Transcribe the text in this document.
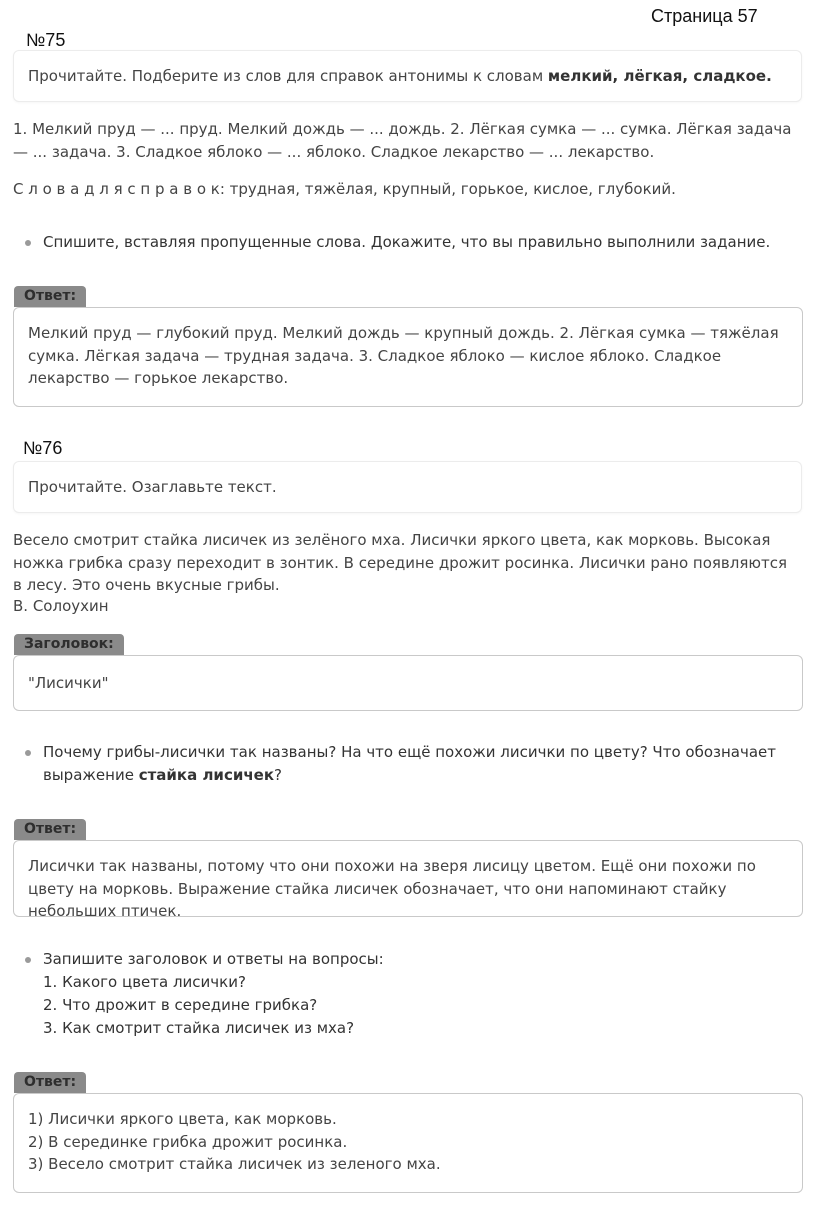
Страница 57
№75
Прочитайте. Подберите из слов для справок антонимы к словам мелкий, лёгкая, сладкое.
1. Мелкий пруд — ... пруд. Мелкий дождь — ... дождь. 2. Лёгкая сумка — ... сумка. Лёгкая задача — ... задача. 3. Сладкое яблоко — ... яблоко. Сладкое лекарство — ... лекарство.
С л о в а д л я с п р а в о к: трудная, тяжёлая, крупный, горькое, кислое, глубокий.
Спишите, вставляя пропущенные слова. Докажите, что вы правильно выполнили задание.
Ответ:
Мелкий пруд — глубокий пруд. Мелкий дождь — крупный дождь. 2. Лёгкая сумка — тяжёлая сумка. Лёгкая задача — трудная задача. 3. Сладкое яблоко — кислое яблоко. Сладкое лекарство — горькое лекарство.
№76
Прочитайте. Озаглавьте текст.
Весело смотрит стайка лисичек из зелёного мха. Лисички яркого цвета, как морковь. Высокая ножка грибка сразу переходит в зонтик. В середине дрожит росинка. Лисички рано появляются в лесу. Это очень вкусные грибы.
В. Солоухин
Заголовок:
"Лисички"
Почему грибы-лисички так названы? На что ещё похожи лисички по цвету? Что обозначает выражение стайка лисичек?
Ответ:
Лисички так названы, потому что они похожи на зверя лисицу цветом. Ещё они похожи по цвету на морковь. Выражение стайка лисичек обозначает, что они напоминают стайку небольших птичек.
Запишите заголовок и ответы на вопросы:
1. Какого цвета лисички?
2. Что дрожит в середине грибка?
3. Как смотрит стайка лисичек из мха?
Ответ:
1) Лисички яркого цвета, как морковь.
2) В серединке грибка дрожит росинка.
3) Весело смотрит стайка лисичек из зеленого мха.
